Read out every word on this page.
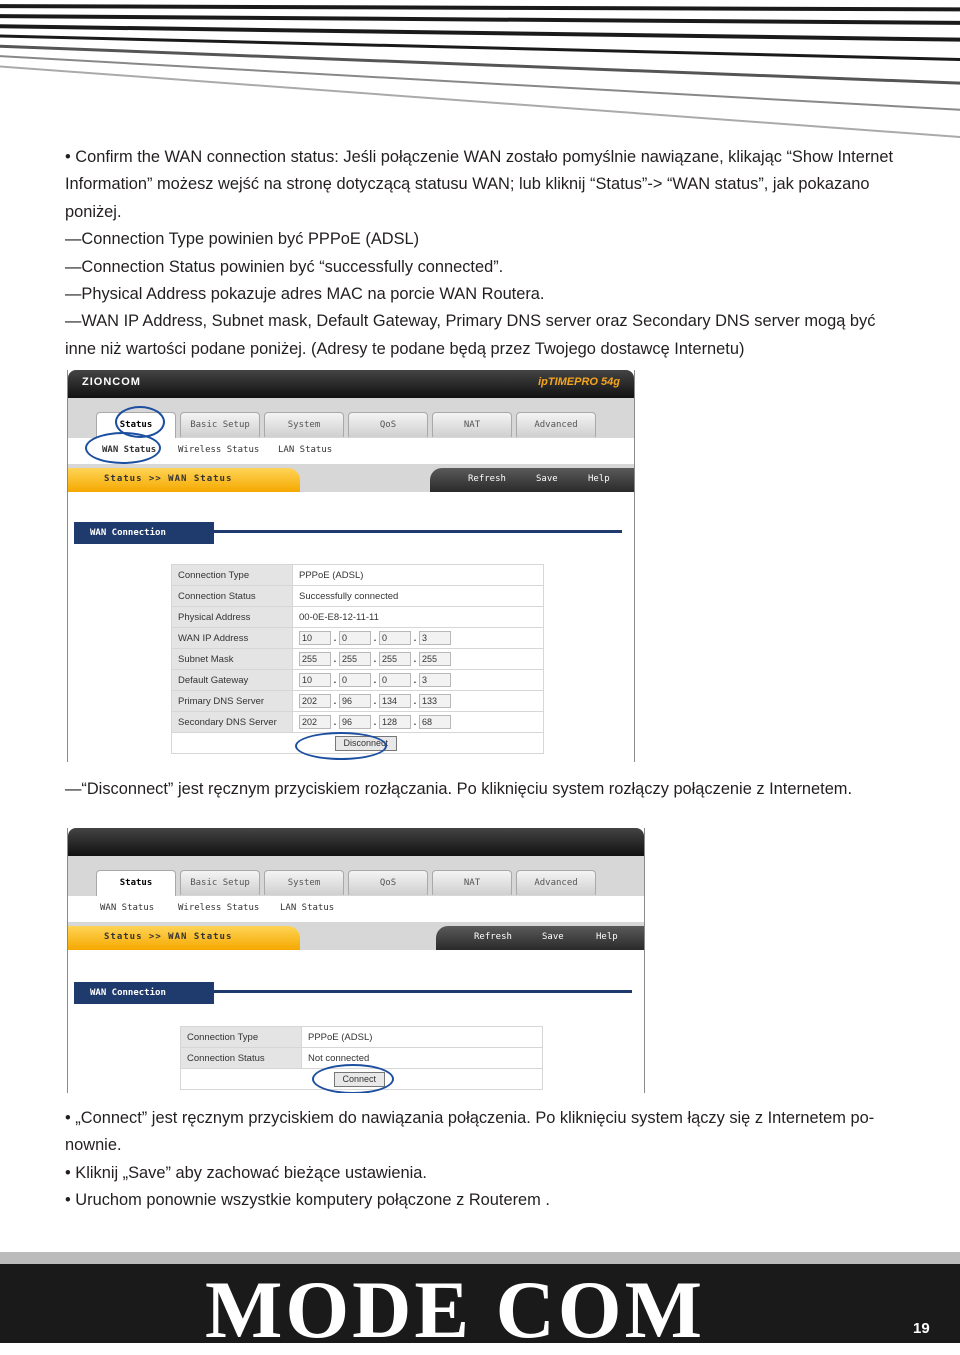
• Confirm the WAN connection status: Jeśli połączenie WAN zostało pomyślnie nawiązane, klikając “Show Internet Information” możesz wejść na stronę dotyczącą statusu WAN; lub kliknij “Status”-> “WAN status”, jak pokazano poniżej.

—Connection Type powinien być PPPoE (ADSL)

—Connection Status powinien być “successfully connected”.

—Physical Address pokazuje adres MAC na porcie WAN Routera.

—WAN IP Address, Subnet mask, Default Gateway, Primary DNS server oraz Secondary DNS server mogą być inne niż wartości podane poniżej. (Adresy te podane będą przez Twojego dostawcę Internetu)

ZIONCOM	ipTIMEPRO 54g
Status	Basic Setup	System	QoS	NAT	Advanced
WAN Status Wireless Status LAN Status
Status >> WAN Status	Refresh	Save	Help
WAN Connection
Connection Type	PPPoE (ADSL)
Connection Status	Successfully connected
Physical Address	00-0E-E8-12-11-11
WAN IP Address	10 . 0 . 0 . 3
Subnet Mask	255 . 255 . 255 . 255
Default Gateway	10 . 0 . 0 . 3
Primary DNS Server	202 . 96 . 134 . 133
Secondary DNS Server	202 . 96 . 128 . 68
	Disconnect

—“Disconnect” jest ręcznym przyciskiem rozłączania. Po kliknięciu system rozłączy połączenie z Internetem.

Status	Basic Setup	System	QoS	NAT	Advanced
WAN Status	Wireless Status LAN Status
Status >> WAN Status	Refresh	Save	Help
WAN Connection
Connection Type	PPPoE (ADSL)
Connection Status	Not connected
	Connect

• „Connect” jest ręcznym przyciskiem do nawiązania połączenia. Po kliknięciu system łączy się z Internetem po-nownie.

• Kliknij „Save” aby zachować bieżące ustawienia.

• Uruchom ponownie wszystkie komputery połączone z Routerem .

MODE COM	19
